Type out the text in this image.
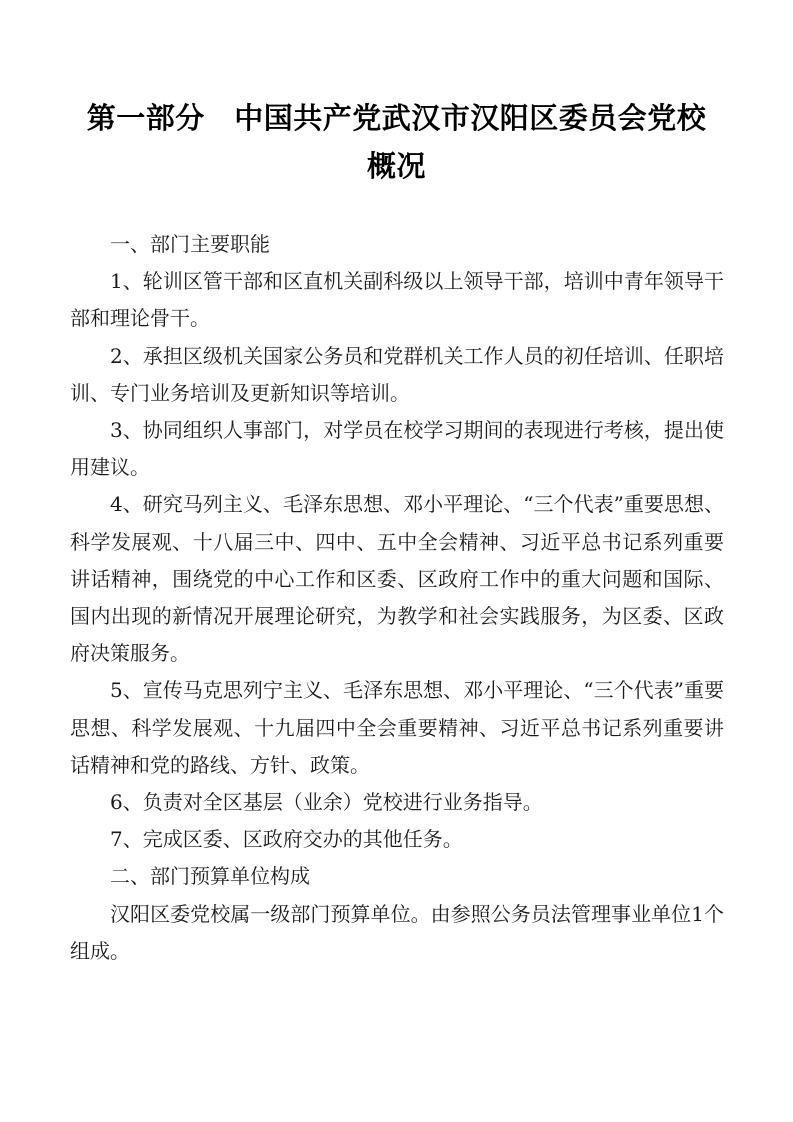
第一部分　中国共产党武汉市汉阳区委员会党校
概况

一、部门主要职能

1、轮训区管干部和区直机关副科级以上领导干部，培训中青年领导干部和理论骨干。

2、承担区级机关国家公务员和党群机关工作人员的初任培训、任职培训、专门业务培训及更新知识等培训。

3、协同组织人事部门，对学员在校学习期间的表现进行考核，提出使用建议。

4、研究马列主义、毛泽东思想、邓小平理论、“三个代表”重要思想、科学发展观、十八届三中、四中、五中全会精神、习近平总书记系列重要讲话精神，围绕党的中心工作和区委、区政府工作中的重大问题和国际、国内出现的新情况开展理论研究，为教学和社会实践服务，为区委、区政府决策服务。

5、宣传马克思列宁主义、毛泽东思想、邓小平理论、“三个代表”重要思想、科学发展观、十九届四中全会重要精神、习近平总书记系列重要讲话精神和党的路线、方针、政策。

6、负责对全区基层（业余）党校进行业务指导。

7、完成区委、区政府交办的其他任务。

二、部门预算单位构成

汉阳区委党校属一级部门预算单位。由参照公务员法管理事业单位1个组成。
